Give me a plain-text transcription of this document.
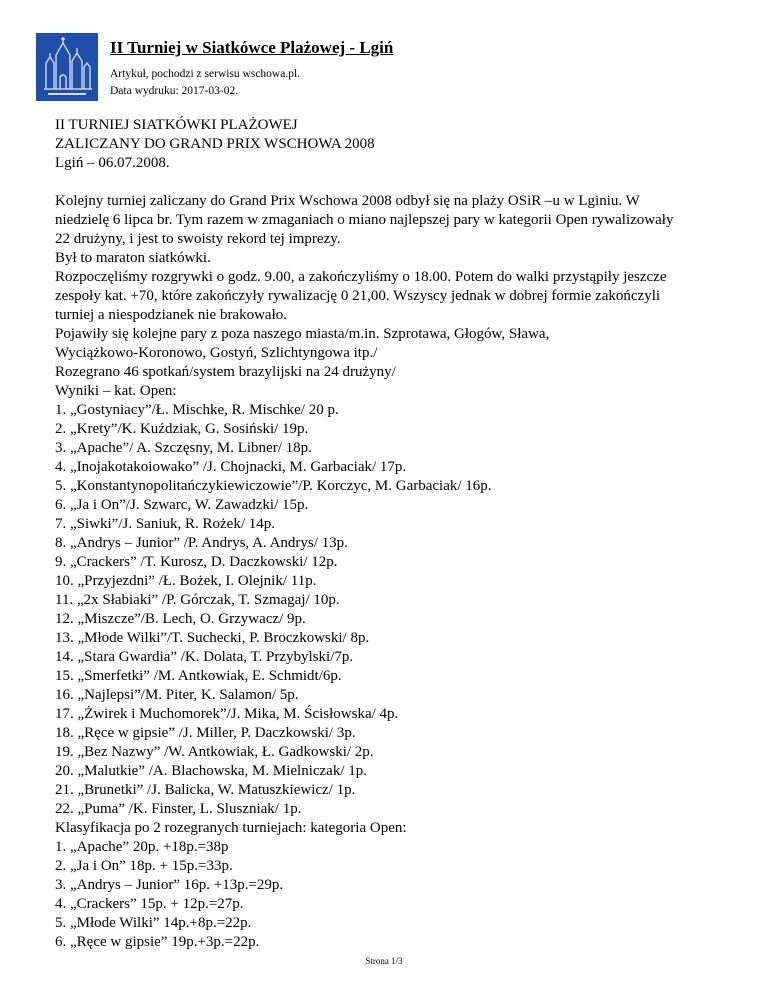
II Turniej w Siatkówce Plażowej - Lgiń
Artykuł, pochodzi z serwisu wschowa.pl.
Data wydruku: 2017-03-02.
II TURNIEJ SIATKÓWKI PLAŻOWEJ
ZALICZANY DO GRAND PRIX WSCHOWA 2008
Lgiń – 06.07.2008.
Kolejny turniej zaliczany do Grand Prix Wschowa 2008 odbył się na plaży OSiR –u w Lginiu. W
niedzielę 6 lipca br. Tym razem w zmaganiach o miano najlepszej pary w kategorii Open rywalizowały
22 drużyny, i jest to swoisty rekord tej imprezy.
Był to maraton siatkówki.
Rozpoczęliśmy rozgrywki o godz. 9.00, a zakończyliśmy o 18.00. Potem do walki przystąpiły jeszcze
zespoły kat. +70, które zakończyły rywalizację 0 21,00. Wszyscy jednak w dobrej formie zakończyli
turniej a niespodzianek nie brakowało.
Pojawiły się kolejne pary z poza naszego miasta/m.in. Szprotawa, Głogów, Sława,
Wyciążkowo-Koronowo, Gostyń, Szlichtyngowa itp./
Rozegrano 46 spotkań/system brazylijski na 24 drużyny/
Wyniki – kat. Open:
1. „Gostyniacy”/Ł. Mischke, R. Mischke/ 20 p.
2. „Krety”/K. Kuździak, G. Sosiński/ 19p.
3. „Apache”/ A. Szczęsny, M. Libner/ 18p.
4. „Inojakotakoiowako” /J. Chojnacki, M. Garbaciak/ 17p.
5. „Konstantynopolitańczykiewiczowie”/P. Korczyc, M. Garbaciak/ 16p.
6. „Ja i On”/J. Szwarc, W. Zawadzki/ 15p.
7. „Siwki”/J. Saniuk, R. Rożek/ 14p.
8. „Andrys – Junior” /P. Andrys, A. Andrys/ 13p.
9. „Crackers” /T. Kurosz, D. Daczkowski/ 12p.
10. „Przyjezdni” /Ł. Bożek, I. Olejnik/ 11p.
11. „2x Słabiaki” /P. Górczak, T. Szmagaj/ 10p.
12. „Miszcze”/B. Lech, O. Grzywacz/ 9p.
13. „Młode Wilki”/T. Suchecki, P. Broczkowski/ 8p.
14. „Stara Gwardia” /K. Dolata, T. Przybylski/7p.
15. „Smerfetki” /M. Antkowiak, E. Schmidt/6p.
16. „Najlepsi”/M. Piter, K. Salamon/ 5p.
17. „Żwirek i Muchomorek”/J. Mika, M. Ścisłowska/ 4p.
18. „Ręce w gipsie” /J. Miller, P. Daczkowski/ 3p.
19. „Bez Nazwy” /W. Antkowiak, Ł. Gadkowski/ 2p.
20. „Malutkie” /A. Blachowska, M. Mielniczak/ 1p.
21. „Brunetki” /J. Balicka, W. Matuszkiewicz/ 1p.
22. „Puma” /K. Finster, L. Sluszniak/ 1p.
Klasyfikacja po 2 rozegranych turniejach: kategoria Open:
1. „Apache” 20p. +18p.=38p
2. „Ja i On” 18p. + 15p.=33p.
3. „Andrys – Junior” 16p. +13p.=29p.
4. „Crackers” 15p. + 12p.=27p.
5. „Młode Wilki” 14p.+8p.=22p.
6. „Ręce w gipsie” 19p.+3p.=22p.
Strona 1/3
